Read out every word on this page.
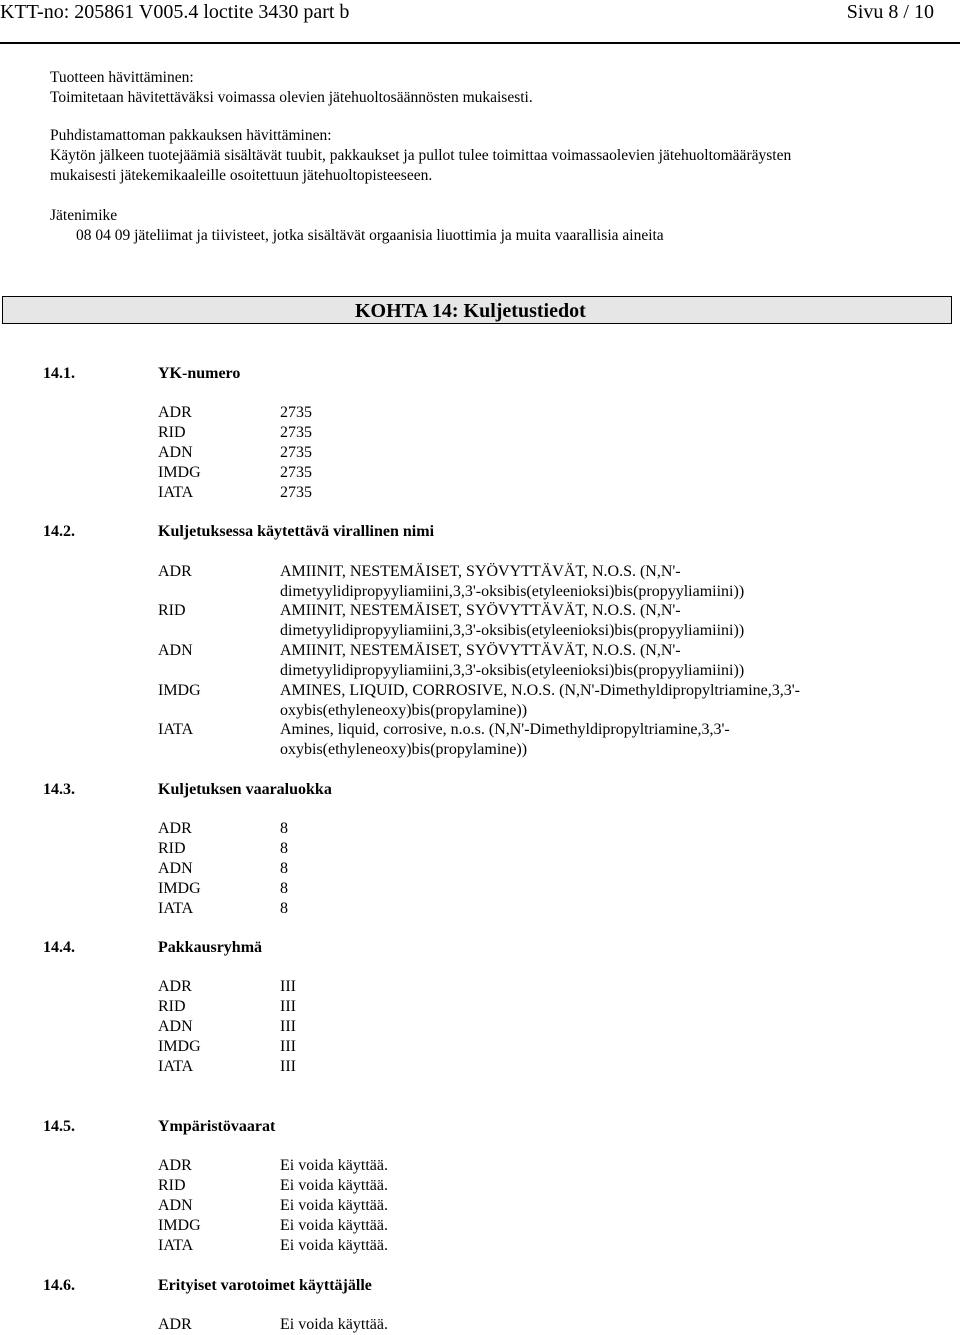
KTT-no: 205861 V005.4 loctite 3430 part b	Sivu 8 / 10
Tuotteen hävittäminen:
Toimitetaan hävitettäväksi voimassa olevien jätehuoltosäännösten mukaisesti.
Puhdistamattoman pakkauksen hävittäminen:
Käytön jälkeen tuotejäämiä sisältävät tuubit, pakkaukset ja pullot tulee toimittaa voimassaolevien jätehuoltomääräysten
mukaisesti jätekemikaaleille osoitettuun jätehuoltopisteeseen.
Jätenimike
08 04 09 jäteliimat ja tiivisteet, jotka sisältävät orgaanisia liuottimia ja muita vaarallisia aineita
KOHTA 14: Kuljetustiedot
14.1.	YK-numero
ADR	2735
RID	2735
ADN	2735
IMDG	2735
IATA	2735
14.2.	Kuljetuksessa käytettävä virallinen nimi
ADR	AMIINIT, NESTEMÄISET, SYÖVYTTÄVÄT, N.O.S. (N,N'-
dimetyylidipropyyliamiini,3,3'-oksibis(etyleenioksi)bis(propyyliamiini))
RID	AMIINIT, NESTEMÄISET, SYÖVYTTÄVÄT, N.O.S. (N,N'-
dimetyylidipropyyliamiini,3,3'-oksibis(etyleenioksi)bis(propyyliamiini))
ADN	AMIINIT, NESTEMÄISET, SYÖVYTTÄVÄT, N.O.S. (N,N'-
dimetyylidipropyyliamiini,3,3'-oksibis(etyleenioksi)bis(propyyliamiini))
IMDG	AMINES, LIQUID, CORROSIVE, N.O.S. (N,N'-Dimethyldipropyltriamine,3,3'-
oxybis(ethyleneoxy)bis(propylamine))
IATA	Amines, liquid, corrosive, n.o.s. (N,N'-Dimethyldipropyltriamine,3,3'-
oxybis(ethyleneoxy)bis(propylamine))
14.3.	Kuljetuksen vaaraluokka
ADR	8
RID	8
ADN	8
IMDG	8
IATA	8
14.4.	Pakkausryhmä
ADR	III
RID	III
ADN	III
IMDG	III
IATA	III
14.5.	Ympäristövaarat
ADR	Ei voida käyttää.
RID	Ei voida käyttää.
ADN	Ei voida käyttää.
IMDG	Ei voida käyttää.
IATA	Ei voida käyttää.
14.6.	Erityiset varotoimet käyttäjälle
ADR	Ei voida käyttää.
